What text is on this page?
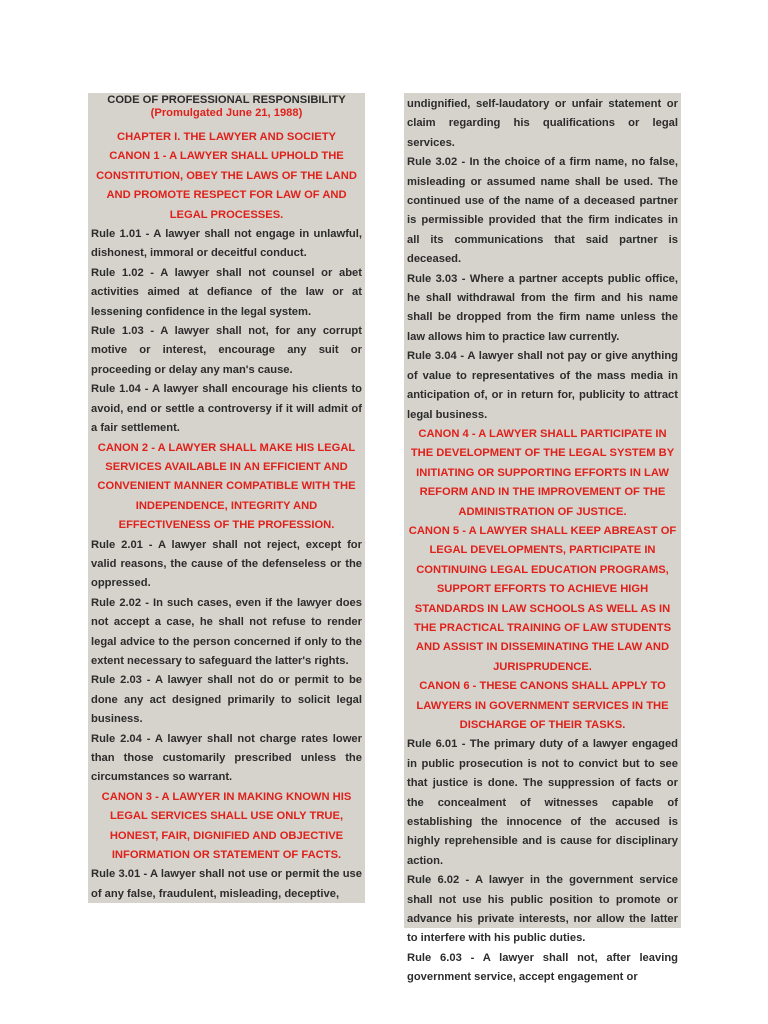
CODE OF PROFESSIONAL RESPONSIBILITY
(Promulgated June 21, 1988)

CHAPTER I. THE LAWYER AND SOCIETY

CANON 1 - A LAWYER SHALL UPHOLD THE CONSTITUTION, OBEY THE LAWS OF THE LAND AND PROMOTE RESPECT FOR LAW OF AND LEGAL PROCESSES.

Rule 1.01 - A lawyer shall not engage in unlawful, dishonest, immoral or deceitful conduct.

Rule 1.02 - A lawyer shall not counsel or abet activities aimed at defiance of the law or at lessening confidence in the legal system.

Rule 1.03 - A lawyer shall not, for any corrupt motive or interest, encourage any suit or proceeding or delay any man's cause.

Rule 1.04 - A lawyer shall encourage his clients to avoid, end or settle a controversy if it will admit of a fair settlement.

CANON 2 - A LAWYER SHALL MAKE HIS LEGAL SERVICES AVAILABLE IN AN EFFICIENT AND CONVENIENT MANNER COMPATIBLE WITH THE INDEPENDENCE, INTEGRITY AND EFFECTIVENESS OF THE PROFESSION.

Rule 2.01 - A lawyer shall not reject, except for valid reasons, the cause of the defenseless or the oppressed.

Rule 2.02 - In such cases, even if the lawyer does not accept a case, he shall not refuse to render legal advice to the person concerned if only to the extent necessary to safeguard the latter's rights.

Rule 2.03 - A lawyer shall not do or permit to be done any act designed primarily to solicit legal business.

Rule 2.04 - A lawyer shall not charge rates lower than those customarily prescribed unless the circumstances so warrant.

CANON 3 - A LAWYER IN MAKING KNOWN HIS LEGAL SERVICES SHALL USE ONLY TRUE, HONEST, FAIR, DIGNIFIED AND OBJECTIVE INFORMATION OR STATEMENT OF FACTS.

Rule 3.01 - A lawyer shall not use or permit the use of any false, fraudulent, misleading, deceptive,

undignified, self-laudatory or unfair statement or claim regarding his qualifications or legal services.

Rule 3.02 - In the choice of a firm name, no false, misleading or assumed name shall be used. The continued use of the name of a deceased partner is permissible provided that the firm indicates in all its communications that said partner is deceased.

Rule 3.03 - Where a partner accepts public office, he shall withdrawal from the firm and his name shall be dropped from the firm name unless the law allows him to practice law currently.

Rule 3.04 - A lawyer shall not pay or give anything of value to representatives of the mass media in anticipation of, or in return for, publicity to attract legal business.

CANON 4 - A LAWYER SHALL PARTICIPATE IN THE DEVELOPMENT OF THE LEGAL SYSTEM BY INITIATING OR SUPPORTING EFFORTS IN LAW REFORM AND IN THE IMPROVEMENT OF THE ADMINISTRATION OF JUSTICE.

CANON 5 - A LAWYER SHALL KEEP ABREAST OF LEGAL DEVELOPMENTS, PARTICIPATE IN CONTINUING LEGAL EDUCATION PROGRAMS, SUPPORT EFFORTS TO ACHIEVE HIGH STANDARDS IN LAW SCHOOLS AS WELL AS IN THE PRACTICAL TRAINING OF LAW STUDENTS AND ASSIST IN DISSEMINATING THE LAW AND JURISPRUDENCE.

CANON 6 - THESE CANONS SHALL APPLY TO LAWYERS IN GOVERNMENT SERVICES IN THE DISCHARGE OF THEIR TASKS.

Rule 6.01 - The primary duty of a lawyer engaged in public prosecution is not to convict but to see that justice is done. The suppression of facts or the concealment of witnesses capable of establishing the innocence of the accused is highly reprehensible and is cause for disciplinary action.

Rule 6.02 - A lawyer in the government service shall not use his public position to promote or advance his private interests, nor allow the latter to interfere with his public duties.

Rule 6.03 - A lawyer shall not, after leaving government service, accept engagement or
